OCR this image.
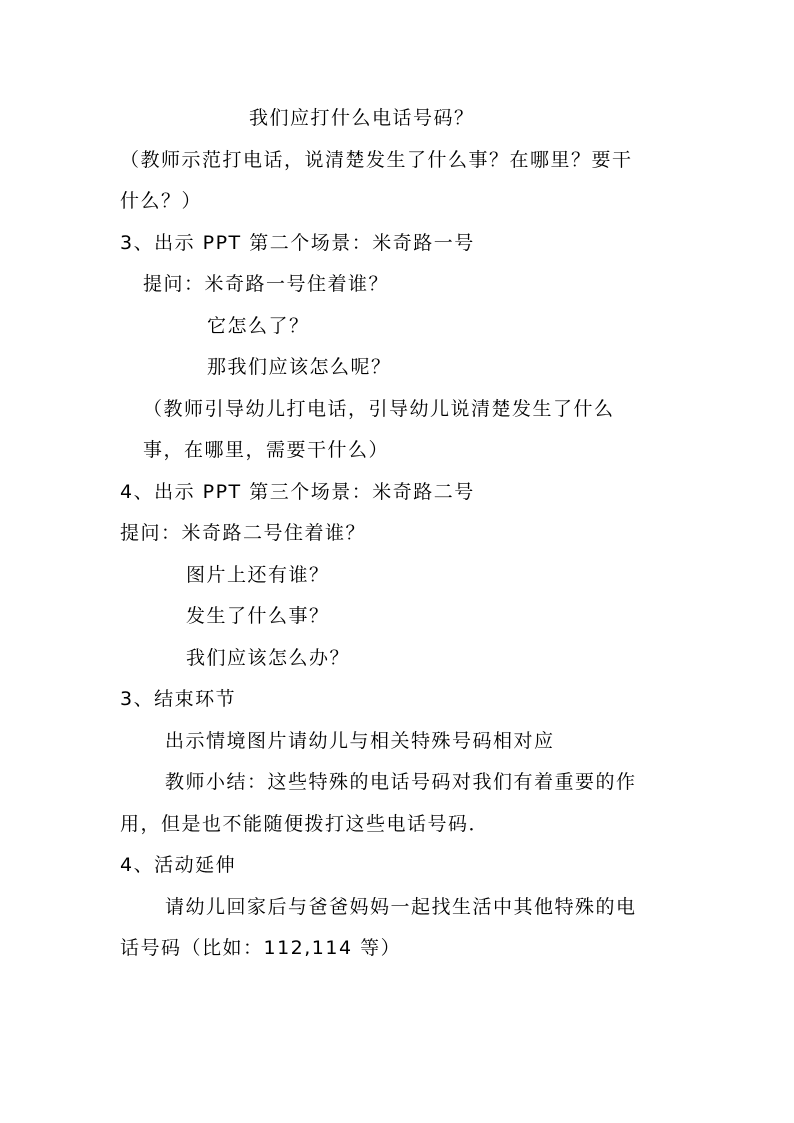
我们应打什么电话号码？

（教师示范打电话，说清楚发生了什么事？在哪里？要干

什么？）

3、出示 PPT 第二个场景：米奇路一号

提问：米奇路一号住着谁？

它怎么了？

那我们应该怎么呢？

（教师引导幼儿打电话，引导幼儿说清楚发生了什么

事，在哪里，需要干什么）

4、出示 PPT 第三个场景：米奇路二号

提问：米奇路二号住着谁？

图片上还有谁？

发生了什么事？

我们应该怎么办？

3、结束环节

出示情境图片请幼儿与相关特殊号码相对应

教师小结：这些特殊的电话号码对我们有着重要的作

用，但是也不能随便拨打这些电话号码．

4、活动延伸

请幼儿回家后与爸爸妈妈一起找生活中其他特殊的电

话号码（比如：112,114 等）
